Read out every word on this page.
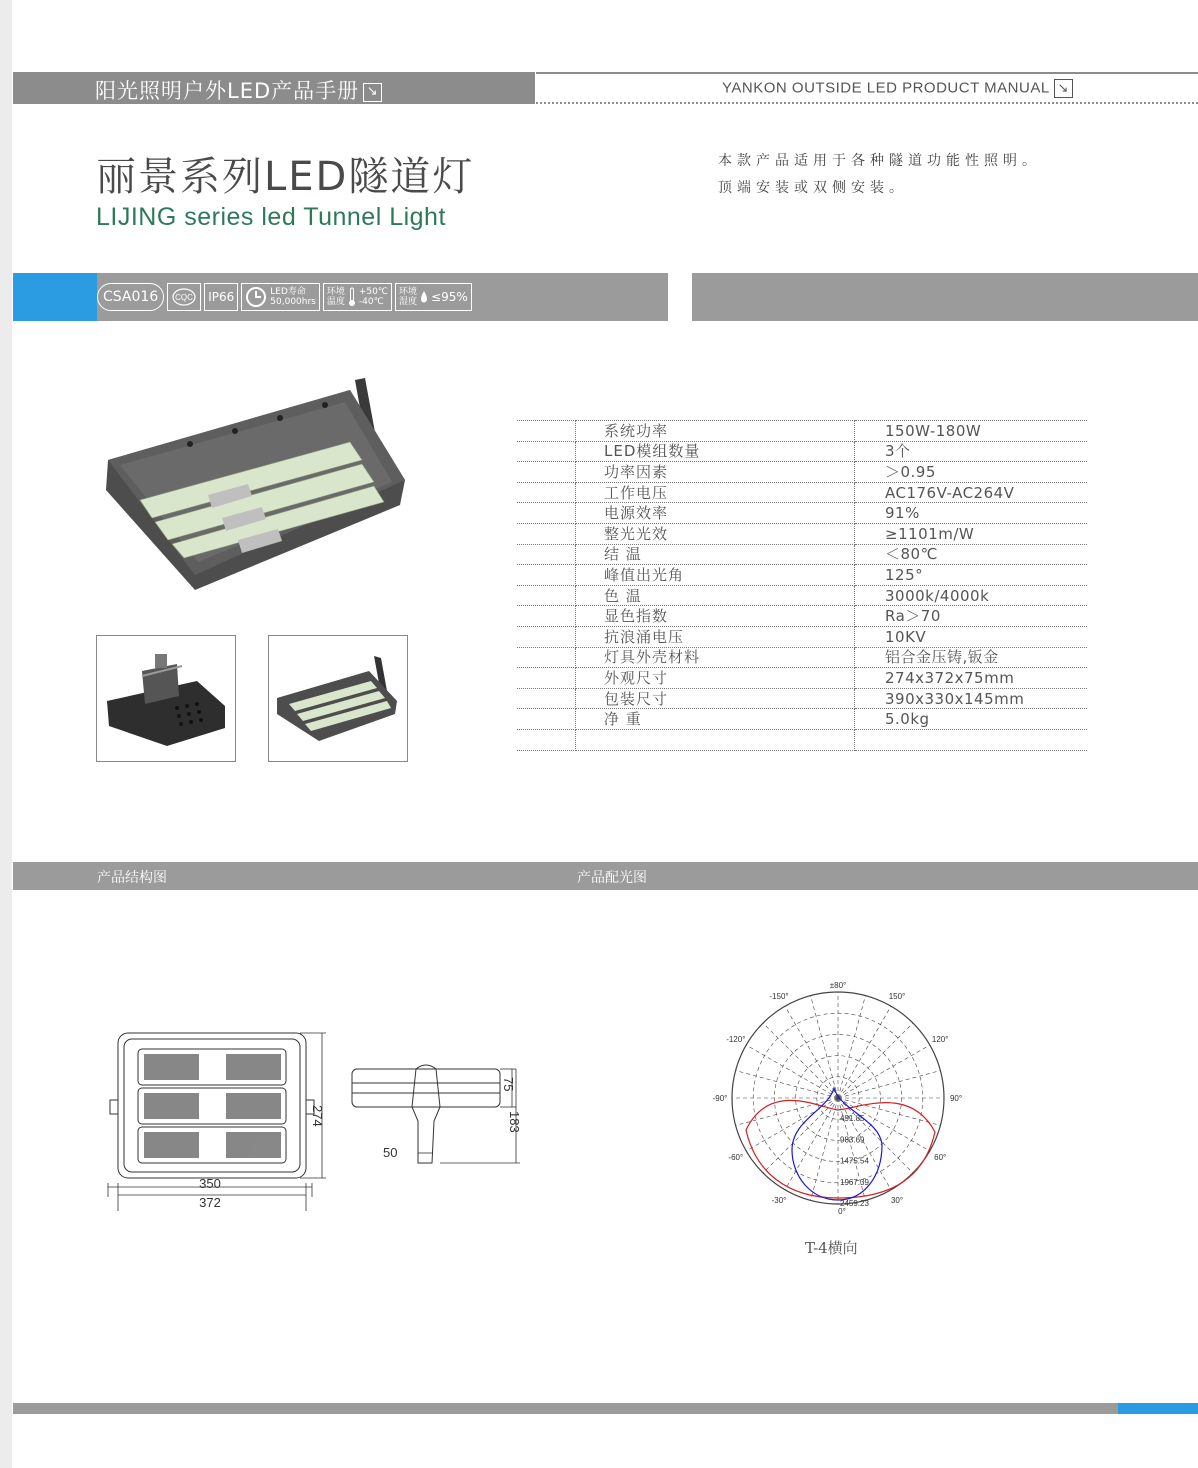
阳光照明户外LED产品手册 ↘	YANKON OUTSIDE LED PRODUCT MANUAL ↘
丽景系列LED隧道灯
LIJING series led Tunnel Light
本款产品适用于各种隧道功能性照明。
顶端安装或双侧安装。
CSA016	CQC	IP66	LED寿命
50,000hrs
环境
温度
+50℃
-40℃
环境
湿度 ≤95%
	系统功率	150W-180W
	LED模组数量	3个
	功率因素	＞0.95
	工作电压	AC176V-AC264V
	电源效率	91%
	整光光效	≥1101m/W
	结 温	＜80℃
	峰值出光角	125°
	色 温	3000k/4000k
	显色指数	Ra＞70
	抗浪涌电压	10KV
	灯具外壳材料	铝合金压铸,钣金
	外观尺寸	274x372x75mm
	包装尺寸	390x330x145mm
	净 重	5.0kg

产品结构图	产品配光图
350
372
274
75
183
50
±80°
-150°
-120°
-90°
-60°
-30°
150°
120°
90°
60°
30°
0°
491.85
983.69
1475.54
1967.39
2459.23
T-4横向
